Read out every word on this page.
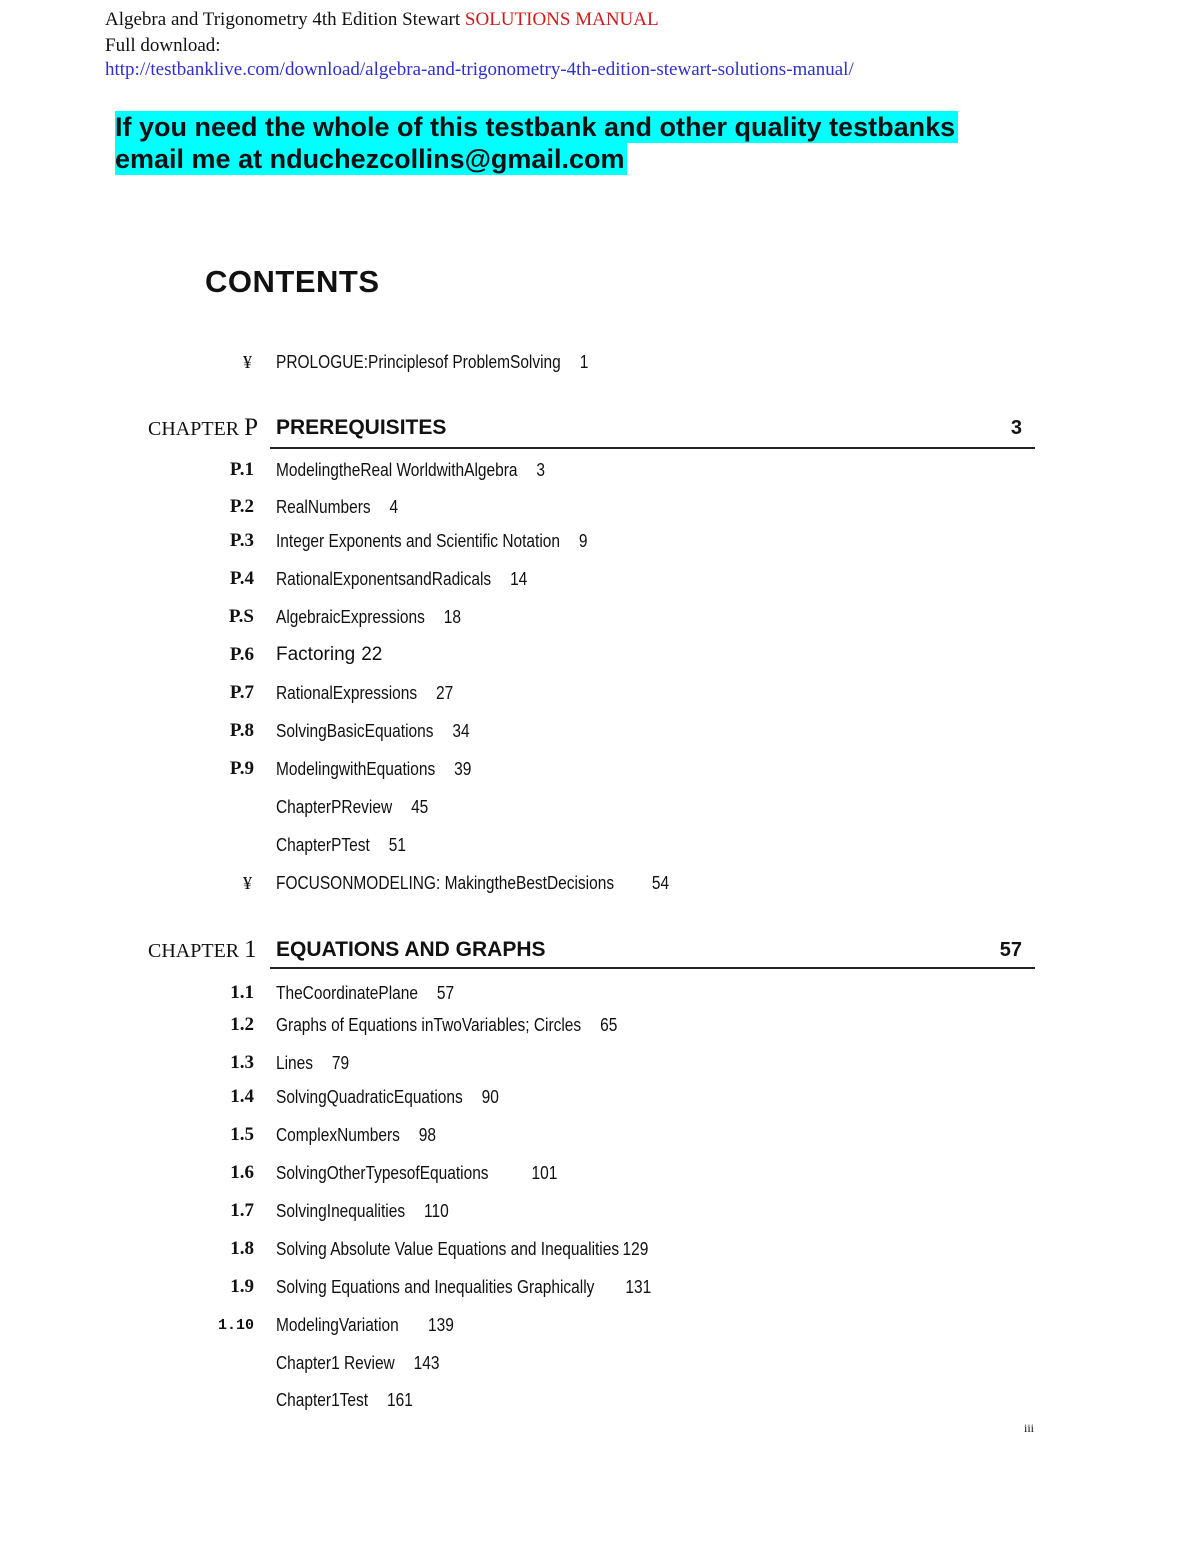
Algebra and Trigonometry 4th Edition Stewart SOLUTIONS MANUAL
Full download:
http://testbanklive.com/download/algebra-and-trigonometry-4th-edition-stewart-solutions-manual/
If you need the whole of this testbank and other quality testbanks
email me at nduchezcollins@gmail.com
CONTENTS
¥ PROLOGUE:Principlesof ProblemSolving 1
CHAPTER P PREREQUISITES	3
P.1 ModelingtheReal WorldwithAlgebra 3
P.2 RealNumbers 4
P.3 Integer Exponents and Scientific Notation 9
P.4 RationalExponentsandRadicals 14
P.S AlgebraicExpressions 18
P.6 Factoring 22
P.7 RationalExpressions 27
P.8 SolvingBasicEquations 34
P.9 ModelingwithEquations 39
ChapterPReview 45
ChapterPTest 51
¥ FOCUSONMODELING: MakingtheBestDecisions 54
CHAPTER 1 EQUATIONS AND GRAPHS	57
1.1 TheCoordinatePlane 57
1.2 Graphs of Equations inTwoVariables; Circles 65
1.3 Lines 79
1.4 SolvingQuadraticEquations 90
1.5 ComplexNumbers 98
1.6 SolvingOtherTypesofEquations 101
1.7 SolvingInequalities 110
1.8 Solving Absolute Value Equations and Inequalities 129
1.9 Solving Equations and Inequalities Graphically 131
1.10 ModelingVariation 139
Chapter1 Review 143
Chapter1Test 161
iii
